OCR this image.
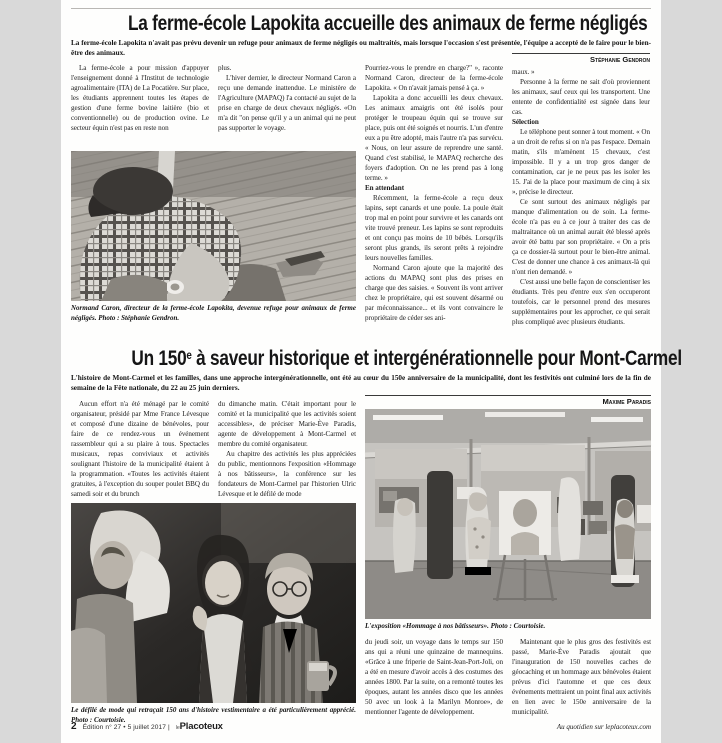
La ferme-école Lapokita accueille des animaux de ferme négligés

La ferme-école Lapokita n'avait pas prévu devenir un refuge pour animaux de ferme négligés ou maltraités, mais lorsque l'occasion s'est présentée, l'équipe a accepté de le faire pour le bien-être des animaux.

La ferme-école a pour mission d'appuyer l'enseignement donné à l'Institut de technologie agroalimentaire (ITA) de La Pocatière. Sur place, les étudiants apprennent toutes les étapes de gestion d'une ferme bovine laitière (bio et conventionnelle) ou de production ovine. Le secteur équin n'est pas en reste non

plus.

L'hiver dernier, le directeur Normand Caron a reçu une demande inattendue. Le ministère de l'Agriculture (MAPAQ) l'a contacté au sujet de la prise en charge de deux chevaux négligés. «On m'a dit "on pense qu'il y a un animal qui ne peut pas supporter le voyage.

Normand Caron, directeur de la ferme-école Lapokita, devenue refuge pour animaux de ferme négligés. Photo : Stéphanie Gendron.

Pourriez-vous le prendre en charge?" », raconte Normand Caron, directeur de la ferme-école Lapokita. « On n'avait jamais pensé à ça. »

Lapokita a donc accueilli les deux chevaux. Les animaux amaigris ont été isolés pour protéger le troupeau équin qui se trouve sur place, puis ont été soignés et nourris. L'un d'entre eux a pu être adopté, mais l'autre n'a pas survécu. « Nous, on leur assure de reprendre une santé. Quand c'est stabilisé, le MAPAQ recherche des foyers d'adoption. On ne les prend pas à long terme. »

En attendant

Récemment, la ferme-école a reçu deux lapins, sept canards et une poule. La poule était trop mal en point pour survivre et les canards ont vite trouvé preneur. Les lapins se sont reproduits et ont conçu pas moins de 10 bébés. Lorsqu'ils seront plus grands, ils seront prêts à rejoindre leurs nouvelles familles.

Normand Caron ajoute que la majorité des actions du MAPAQ sont plus des prises en charge que des saisies. « Souvent ils vont arriver chez le propriétaire, qui est souvent désarmé ou par méconnaissance... et ils vont convaincre le propriétaire de céder ses ani-

Stéphanie Gendron

maux. »

Personne à la ferme ne sait d'où proviennent les animaux, sauf ceux qui les transportent. Une entente de confidentialité est signée dans leur cas.

Sélection

Le téléphone peut sonner à tout moment. « On a un droit de refus si on n'a pas l'espace. Demain matin, s'ils m'amènent 15 chevaux, c'est impossible. Il y a un trop gros danger de contamination, car je ne peux pas les isoler les 15. J'ai de la place pour maximum de cinq à six », précise le directeur.

Ce sont surtout des animaux négligés par manque d'alimentation ou de soin. La ferme-école n'a pas eu à ce jour à traiter des cas de maltraitance où un animal aurait été blessé après avoir été battu par son propriétaire. « On a pris ça ce dossier-là surtout pour le bien-être animal. C'est de donner une chance à ces animaux-là qui n'ont rien demandé. »

C'est aussi une belle façon de conscientiser les étudiants. Très peu d'entre eux s'en occuperont toutefois, car le personnel prend des mesures supplémentaires pour les approcher, ce qui serait plus compliqué avec plusieurs étudiants.

Un 150e à saveur historique et intergénérationnelle pour Mont-Carmel

L'histoire de Mont-Carmel et les familles, dans une approche intergénérationnelle, ont été au cœur du 150e anniversaire de la municipalité, dont les festivités ont culminé lors de la fin de semaine de la Fête nationale, du 22 au 25 juin derniers.

Aucun effort n'a été ménagé par le comité organisateur, présidé par Mme France Lévesque et composé d'une dizaine de bénévoles, pour faire de ce rendez-vous un événement rassembleur qui a su plaire à tous. Spectacles musicaux, repas conviviaux et activités soulignant l'histoire de la municipalité étaient à la programmation. «Toutes les activités étaient gratuites, à l'exception du souper poulet BBQ du samedi soir et du brunch

du dimanche matin. C'était important pour le comité et la municipalité que les activités soient accessibles», de préciser Marie-Ève Paradis, agente de développement à Mont-Carmel et membre du comité organisateur.

Au chapitre des activités les plus appréciées du public, mentionnons l'exposition «Hommage à nos bâtisseurs», la conférence sur les fondateurs de Mont-Carmel par l'historien Ulric Lévesque et le défilé de mode

Le défilé de mode qui retraçait 150 ans d'histoire vestimentaire a été particulièrement apprécié. Photo : Courtoisie.

Maxime Paradis

L'exposition «Hommage à nos bâtisseurs». Photo : Courtoisie.

du jeudi soir, un voyage dans le temps sur 150 ans qui a réuni une quinzaine de mannequins. «Grâce à une friperie de Saint-Jean-Port-Joli, on a été en mesure d'avoir accès à des costumes des années 1800. Par la suite, on a remonté toutes les époques, autant les années disco que les années 50 avec un look à la Marilyn Monroe», de mentionner l'agente de développement.

Maintenant que le plus gros des festivités est passé, Marie-Ève Paradis ajoutait que l'inauguration de 150 nouvelles caches de géocaching et un hommage aux bénévoles étaient prévus d'ici l'automne et que ces deux événements mettraient un point final aux activités en lien avec le 150e anniversaire de la municipalité.

2 Édition n° 27 • 5 juillet 2017 | lePlacoteux	Au quotidien sur leplacoteux.com
